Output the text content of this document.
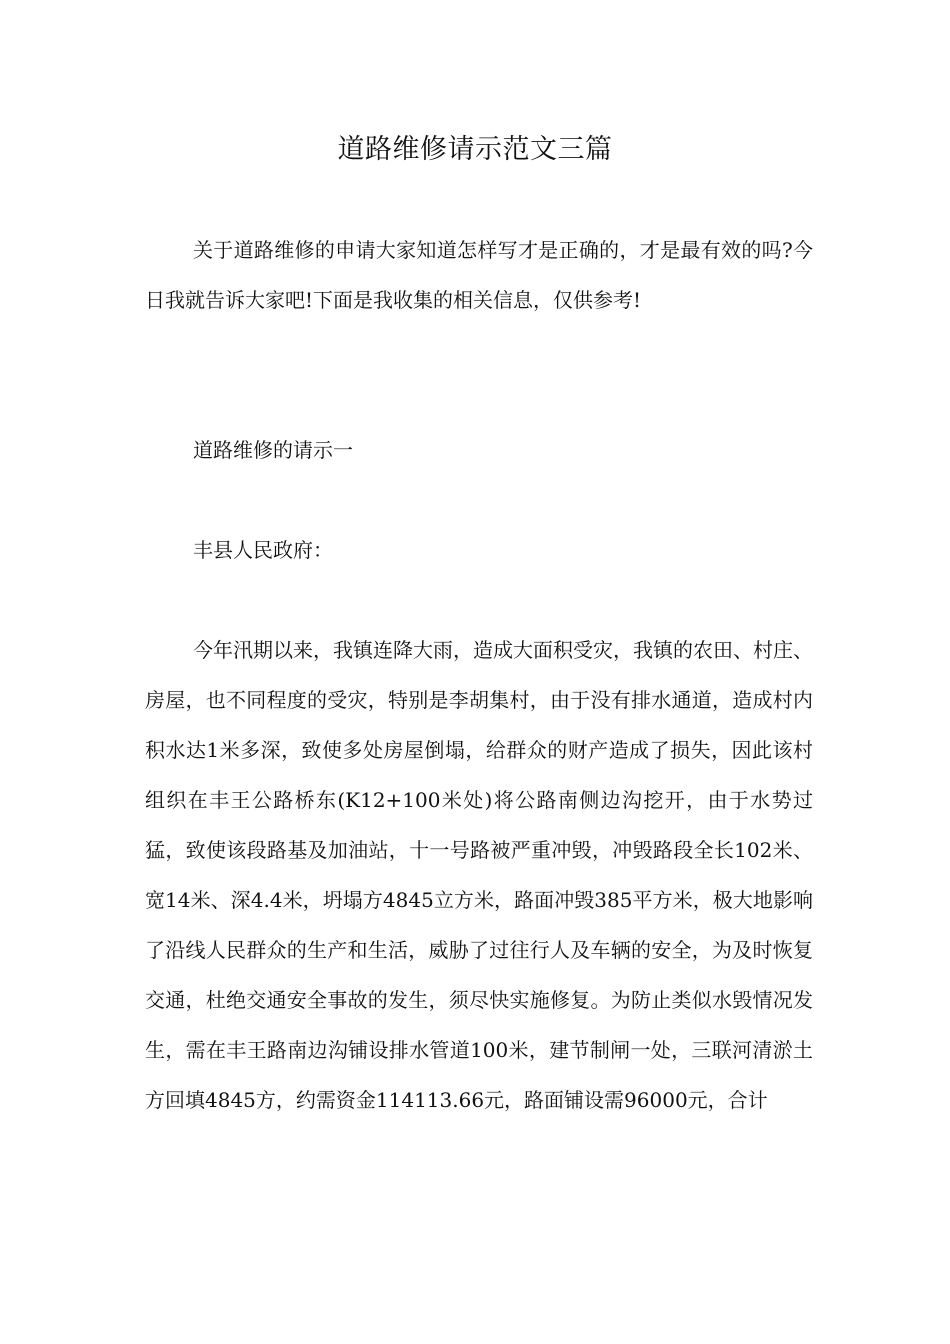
道路维修请示范文三篇

关于道路维修的申请大家知道怎样写才是正确的，才是最有效的吗?今日我就告诉大家吧!下面是我收集的相关信息，仅供参考!

道路维修的请示一

丰县人民政府：

今年汛期以来，我镇连降大雨，造成大面积受灾，我镇的农田、村庄、房屋，也不同程度的受灾，特别是李胡集村，由于没有排水通道，造成村内积水达1米多深，致使多处房屋倒塌，给群众的财产造成了损失，因此该村组织在丰王公路桥东(K12+100米处)将公路南侧边沟挖开，由于水势过猛，致使该段路基及加油站，十一号路被严重冲毁，冲毁路段全长102米、宽14米、深4.4米，坍塌方4845立方米，路面冲毁385平方米，极大地影响了沿线人民群众的生产和生活，威胁了过往行人及车辆的安全，为及时恢复交通，杜绝交通安全事故的发生，须尽快实施修复。为防止类似水毁情况发生，需在丰王路南边沟铺设排水管道100米，建节制闸一处，三联河清淤土方回填4845方，约需资金114113.66元，路面铺设需96000元，合计
